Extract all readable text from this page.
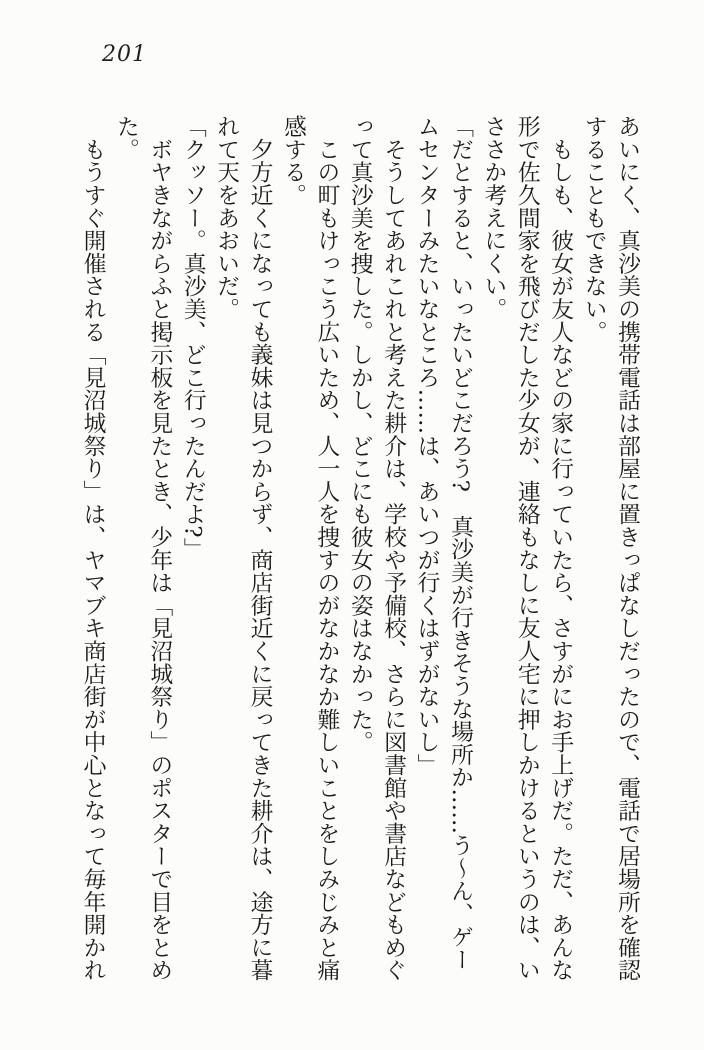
201
あいにく、真沙美の携帯電話は部屋に置きっぱなしだったので、電話で居場所を確認
することもできない。
　もしも、彼女が友人などの家に行っていたら、さすがにお手上げだ。ただ、あんな
形で佐久間家を飛びだした少女が、連絡もなしに友人宅に押しかけるというのは、い
ささか考えにくい。
「だとすると、いったいどこだろう?　真沙美が行きそうな場所か……う～ん、ゲー
ムセンターみたいなところ……は、あいつが行くはずがないし」
　そうしてあれこれと考えた耕介は、学校や予備校、さらに図書館や書店などもめぐ
って真沙美を捜した。しかし、どこにも彼女の姿はなかった。
　この町もけっこう広いため、人一人を捜すのがなかなか難しいことをしみじみと痛
感する。
　夕方近くになっても義妹は見つからず、商店街近くに戻ってきた耕介は、途方に暮
れて天をあおいだ。
「クッソー。真沙美、どこ行ったんだよ?」
　ボヤきながらふと掲示板を見たとき、少年は「見沼城祭り」のポスターで目をとめ
た。
　もうすぐ開催される「見沼城祭り」は、ヤマブキ商店街が中心となって毎年開かれ
